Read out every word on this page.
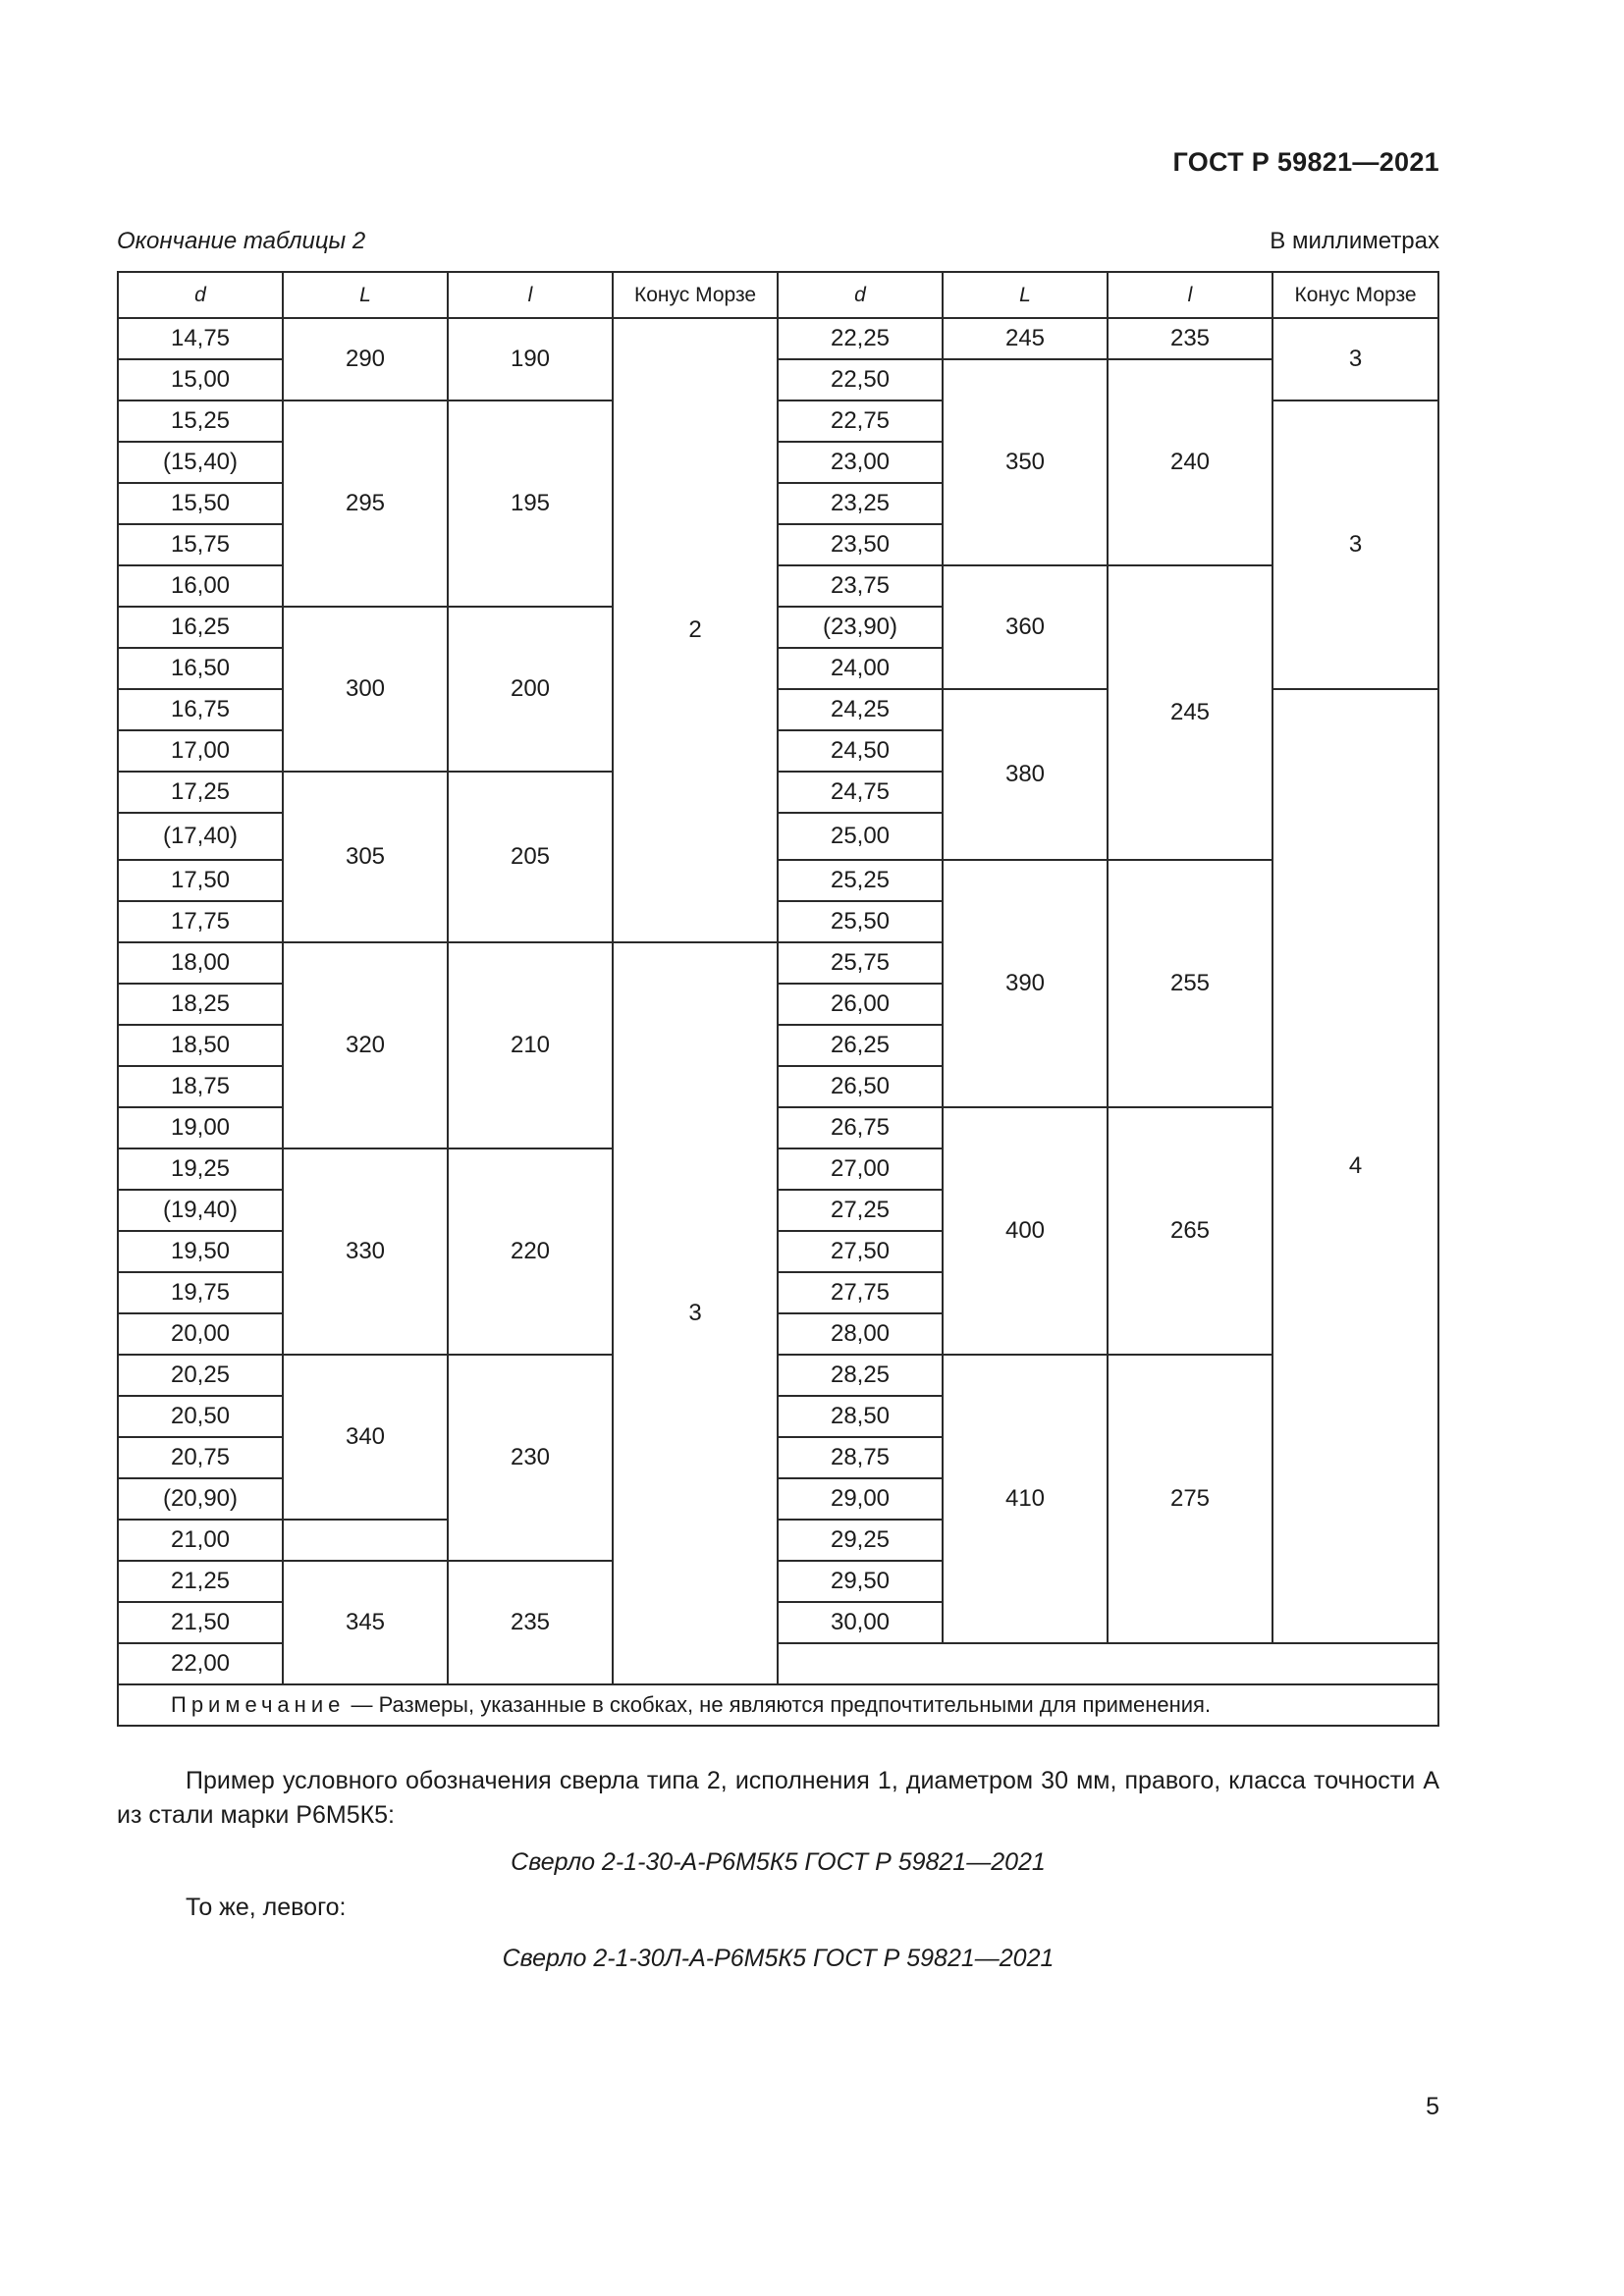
ГОСТ Р 59821—2021
Окончание таблицы 2	В миллиметрах
d	L	l	Конус Морзе	d	L	l	Конус Морзе
14,75	290	190	2	22,25	245	235	3
15,00				22,50	350	240	
15,25	295	195		22,75			3
(15,40)				23,00			
15,50				23,25			
15,75				23,50			
16,00				23,75	360	245	
16,25	300	200		(23,90)			
16,50				24,00			
16,75				24,25	380		4
17,00				24,50			
17,25	305	205		24,75			
(17,40)				25,00			
17,50				25,25	390	255	
17,75				25,50			
18,00	320	210	3	25,75			
18,25				26,00			
18,50				26,25			
18,75				26,50			
19,00				26,75	400	265	
19,25	330	220		27,00			
(19,40)				27,25			
19,50				27,50			
19,75				27,75			
20,00				28,00			
20,25	340	230		28,25	410	275	
20,50				28,50			
20,75				28,75			
(20,90)				29,00			
21,00				29,25			
21,25	345	235		29,50			
21,50				30,00			
22,00							
Примечание — Размеры, указанные в скобках, не являются предпочтительными для применения.							
Пример условного обозначения сверла типа 2, исполнения 1, диаметром 30 мм, правого, класса точности А из стали марки Р6М5К5:
Сверло 2-1-30-А-Р6М5К5 ГОСТ Р 59821—2021
То же, левого:
Сверло 2-1-30Л-А-Р6М5К5 ГОСТ Р 59821—2021
5
